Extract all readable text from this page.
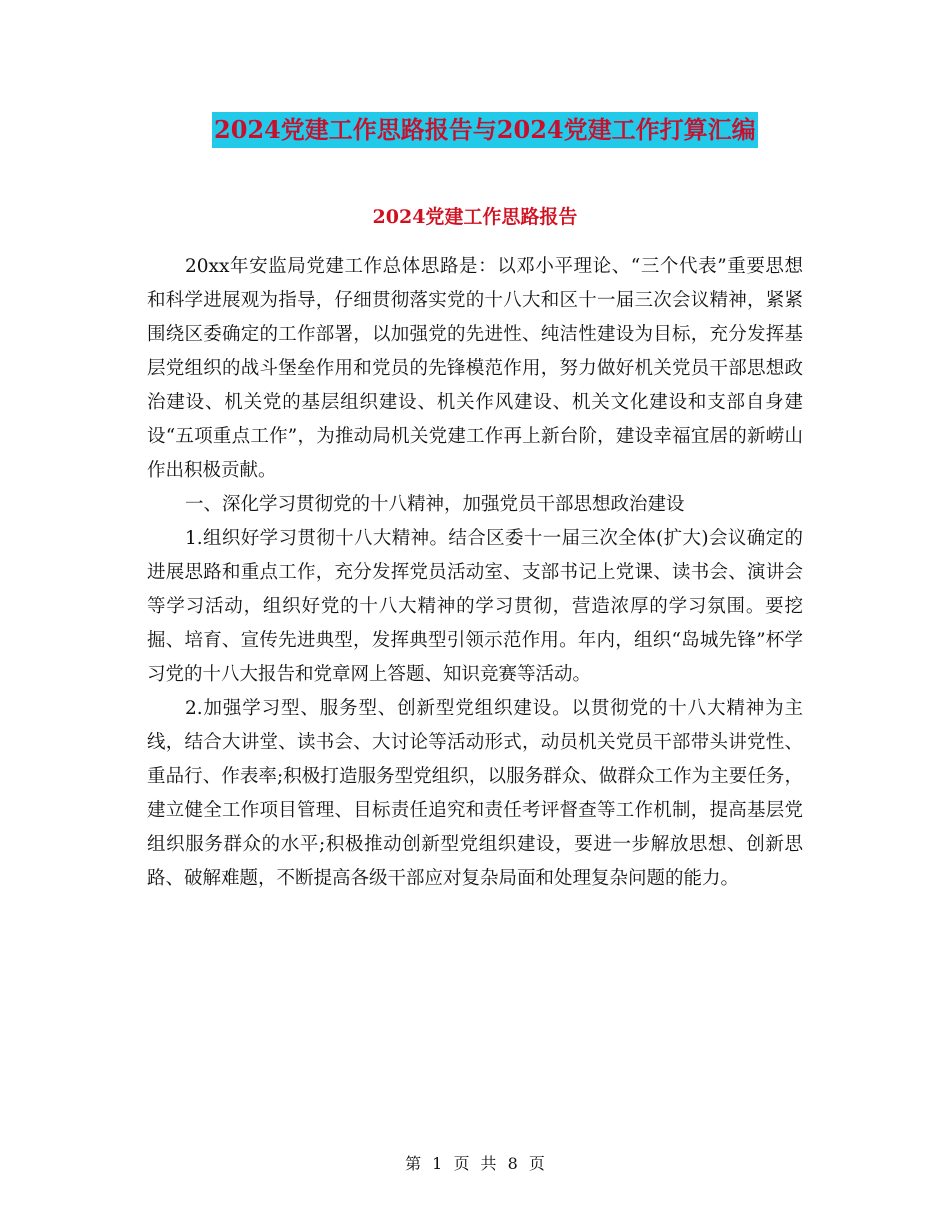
2024党建工作思路报告与2024党建工作打算汇编
2024党建工作思路报告

20xx年安监局党建工作总体思路是：以邓小平理论、“三个代表”重要思想和科学进展观为指导，仔细贯彻落实党的十八大和区十一届三次会议精神，紧紧围绕区委确定的工作部署，以加强党的先进性、纯洁性建设为目标，充分发挥基层党组织的战斗堡垒作用和党员的先锋模范作用，努力做好机关党员干部思想政治建设、机关党的基层组织建设、机关作风建设、机关文化建设和支部自身建设“五项重点工作”，为推动局机关党建工作再上新台阶，建设幸福宜居的新崂山作出积极贡献。

一、深化学习贯彻党的十八精神，加强党员干部思想政治建设

1.组织好学习贯彻十八大精神。结合区委十一届三次全体(扩大)会议确定的进展思路和重点工作，充分发挥党员活动室、支部书记上党课、读书会、演讲会等学习活动，组织好党的十八大精神的学习贯彻，营造浓厚的学习氛围。要挖掘、培育、宣传先进典型，发挥典型引领示范作用。年内，组织“岛城先锋”杯学习党的十八大报告和党章网上答题、知识竞赛等活动。

2.加强学习型、服务型、创新型党组织建设。以贯彻党的十八大精神为主线，结合大讲堂、读书会、大讨论等活动形式，动员机关党员干部带头讲党性、重品行、作表率;积极打造服务型党组织，以服务群众、做群众工作为主要任务，建立健全工作项目管理、目标责任追究和责任考评督查等工作机制，提高基层党组织服务群众的水平;积极推动创新型党组织建设，要进一步解放思想、创新思路、破解难题，不断提高各级干部应对复杂局面和处理复杂问题的能力。

第 1 页 共 8 页
